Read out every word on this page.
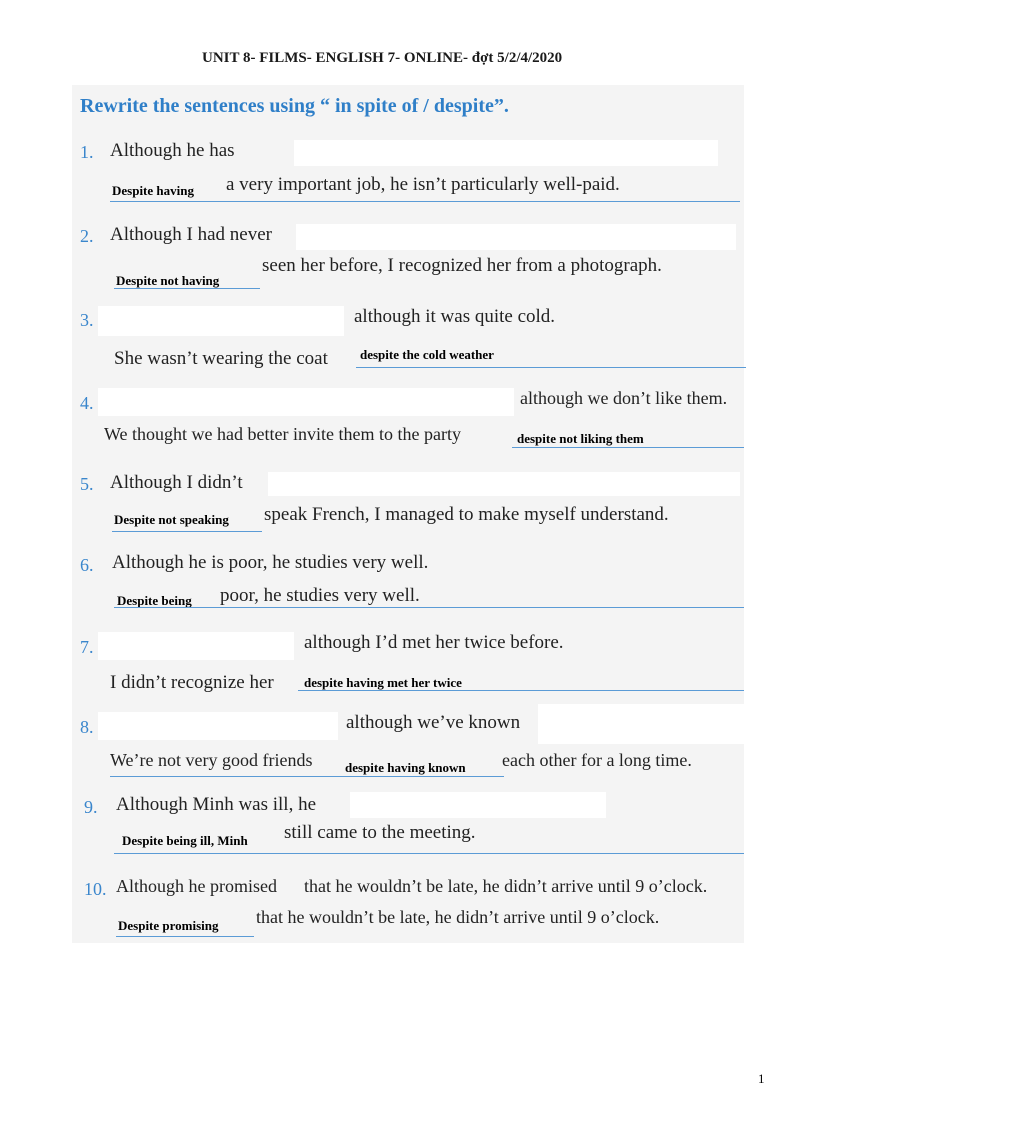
UNIT 8- FILMS- ENGLISH 7- ONLINE- đợt 5/2/4/2020
Rewrite the sentences using “ in spite of / despite”.
1. Although he has
Despite having a very important job, he isn’t particularly well-paid.
2. Although I had never
Despite not having
seen her before, I recognized her from a photograph.
3.	although it was quite cold.
She wasn’t wearing the coat despite the cold weather
4.	although we don’t like them.
We thought we had better invite them to the party	despite not liking them
5. Although I didn’t
Despite not speaking speak French, I managed to make myself understand.
6. Although he is poor, he studies very well.
Despite being poor, he studies very well.
7.	although I’d met her twice before.
I didn’t recognize her despite having met her twice
8.	although we’ve known
We’re not very good friends	despite having known each other for a long time.
9. Although Minh was ill, he
Despite being ill, Minh still came to the meeting.
10. Although he promised that he wouldn’t be late, he didn’t arrive until 9 o’clock.
Despite promising that he wouldn’t be late, he didn’t arrive until 9 o’clock.
1
